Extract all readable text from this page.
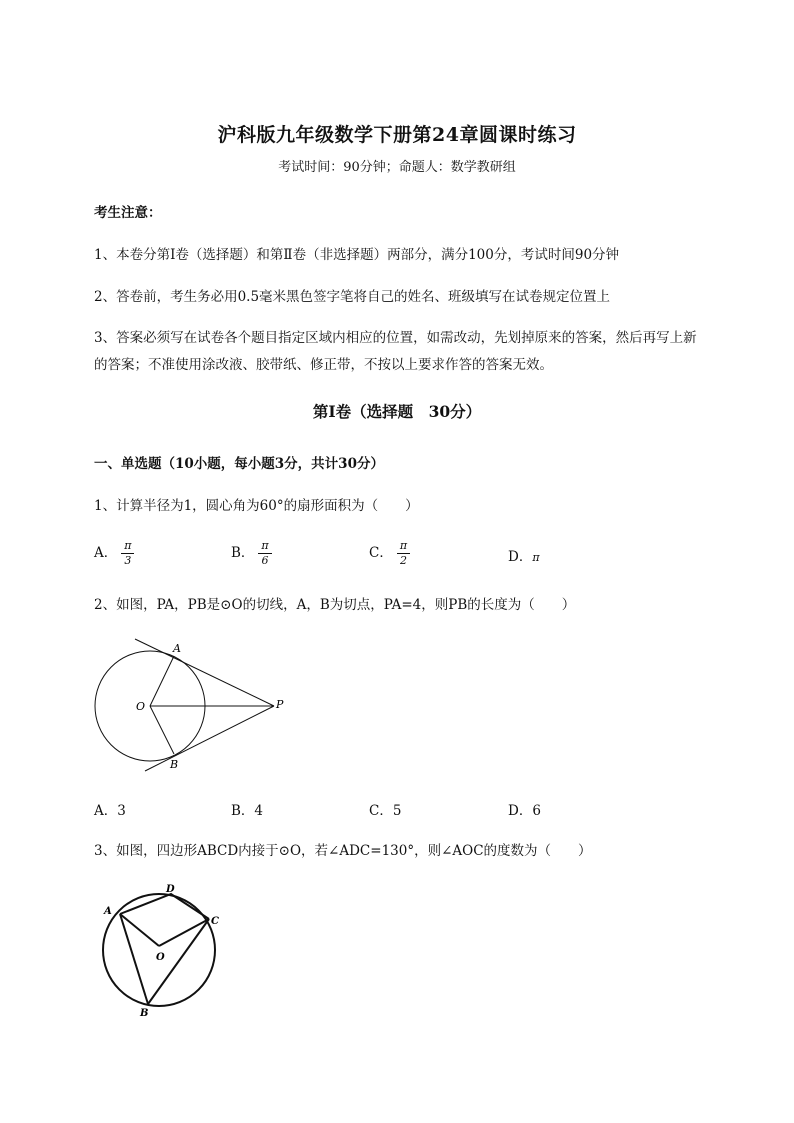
沪科版九年级数学下册第24章圆课时练习
考试时间：90分钟；命题人：数学教研组
考生注意：
1、本卷分第I卷（选择题）和第Ⅱ卷（非选择题）两部分，满分100分，考试时间90分钟
2、答卷前，考生务必用0.5毫米黑色签字笔将自己的姓名、班级填写在试卷规定位置上
3、答案必须写在试卷各个题目指定区域内相应的位置，如需改动，先划掉原来的答案，然后再写上新
的答案；不准使用涂改液、胶带纸、修正带，不按以上要求作答的答案无效。
第I卷（选择题　30分）
一、单选题（10小题，每小题3分，共计30分）
1、计算半径为1，圆心角为60°的扇形面积为（　　）
A． $\frac{\pi}{3}$	B． $\frac{\pi}{6}$	C． $\frac{\pi}{2}$	D．π
2、如图，PA，PB是⊙O的切线，A，B为切点，PA=4，则PB的长度为（　　）
A
B
O	P
A．3	B．4	C．5	D．6
3、如图，四边形ABCD内接于⊙O，若∠ADC=130°，则∠AOC的度数为（　　）
A
D
C
B
O
